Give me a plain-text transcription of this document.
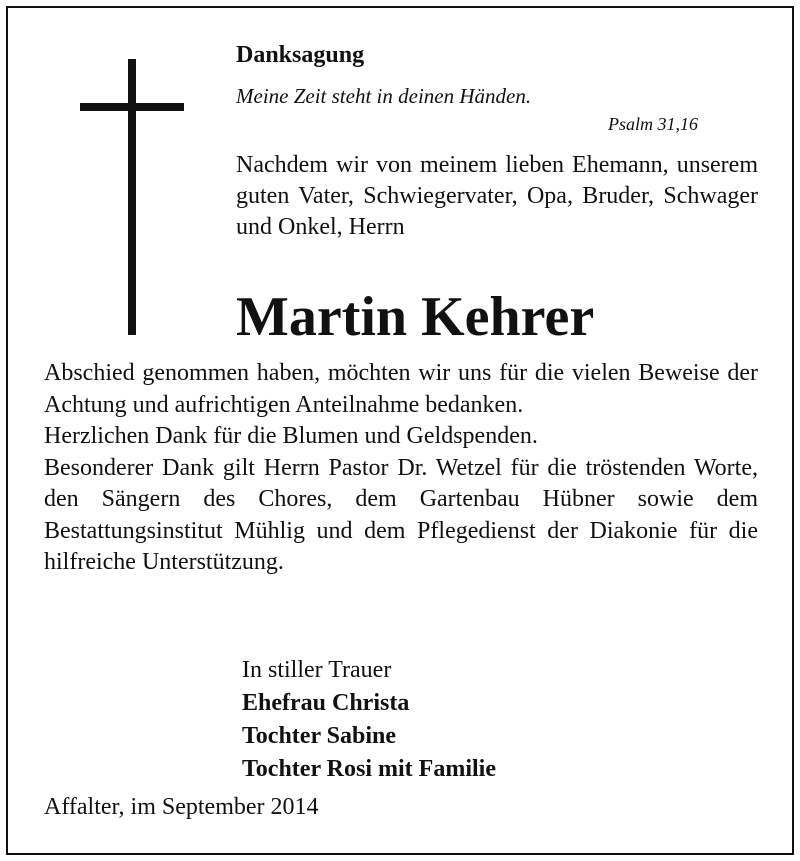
Danksagung
Meine Zeit steht in deinen Händen.
Psalm 31,16

Nachdem wir von meinem lieben Ehemann, unserem guten Vater, Schwiegervater, Opa, Bruder, Schwager und Onkel, Herrn

Martin Kehrer

Abschied genommen haben, möchten wir uns für die vielen Beweise der Achtung und aufrichtigen Anteilnahme bedanken.

Herzlichen Dank für die Blumen und Geldspenden.

Besonderer Dank gilt Herrn Pastor Dr. Wetzel für die tröstenden Worte, den Sängern des Chores, dem Gartenbau Hübner sowie dem Bestattungsinstitut Mühlig und dem Pflegedienst der Diakonie für die hilfreiche Unterstützung.

In stiller Trauer
Ehefrau Christa
Tochter Sabine
Tochter Rosi mit Familie
Affalter, im September 2014
